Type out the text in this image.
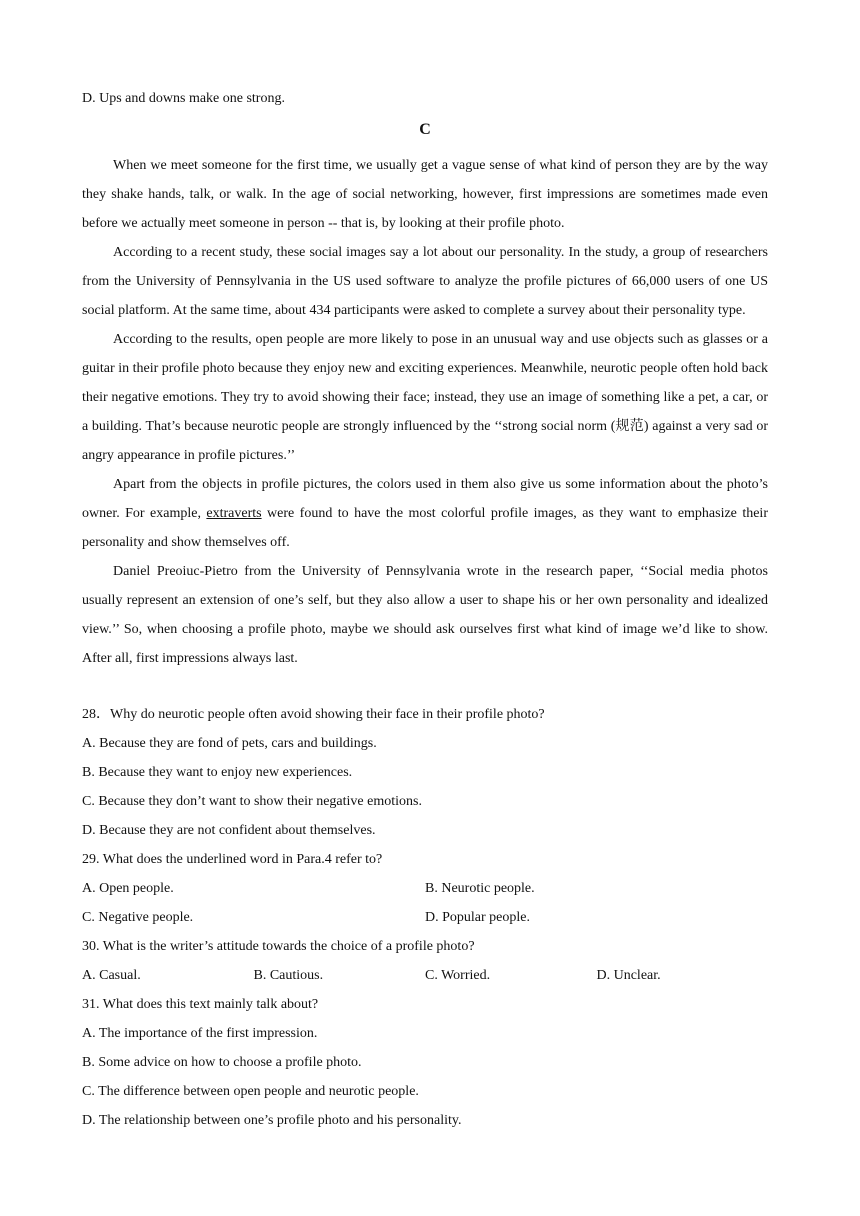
D. Ups and downs make one strong.
C

When we meet someone for the first time, we usually get a vague sense of what kind of person they are by the way they shake hands, talk, or walk. In the age of social networking, however, first impressions are sometimes made even before we actually meet someone in person -- that is, by looking at their profile photo.

According to a recent study, these social images say a lot about our personality. In the study, a group of researchers from the University of Pennsylvania in the US used software to analyze the profile pictures of 66,000 users of one US social platform. At the same time, about 434 participants were asked to complete a survey about their personality type.

According to the results, open people are more likely to pose in an unusual way and use objects such as glasses or a guitar in their profile photo because they enjoy new and exciting experiences. Meanwhile, neurotic people often hold back their negative emotions. They try to avoid showing their face; instead, they use an image of something like a pet, a car, or a building. That’s because neurotic people are strongly influenced by the ‘‘strong social norm (规范) against a very sad or angry appearance in profile pictures.’’

Apart from the objects in profile pictures, the colors used in them also give us some information about the photo’s owner. For example, extraverts were found to have the most colorful profile images, as they want to emphasize their personality and show themselves off.

Daniel Preoiuc-Pietro from the University of Pennsylvania wrote in the research paper, ‘‘Social media photos usually represent an extension of one’s self, but they also allow a user to shape his or her own personality and idealized view.’’ So, when choosing a profile photo, maybe we should ask ourselves first what kind of image we’d like to show. After all, first impressions always last.

28．Why do neurotic people often avoid showing their face in their profile photo?

A. Because they are fond of pets, cars and buildings.

B. Because they want to enjoy new experiences.

C. Because they don’t want to show their negative emotions.

D. Because they are not confident about themselves.

29. What does the underlined word in Para.4 refer to?

A. Open people.	B. Neurotic people.

C. Negative people.	D. Popular people.

30. What is the writer’s attitude towards the choice of a profile photo?

A. Casual.	B. Cautious.	C. Worried.	D. Unclear.

31. What does this text mainly talk about?

A. The importance of the first impression.

B. Some advice on how to choose a profile photo.

C. The difference between open people and neurotic people.

D. The relationship between one’s profile photo and his personality.
